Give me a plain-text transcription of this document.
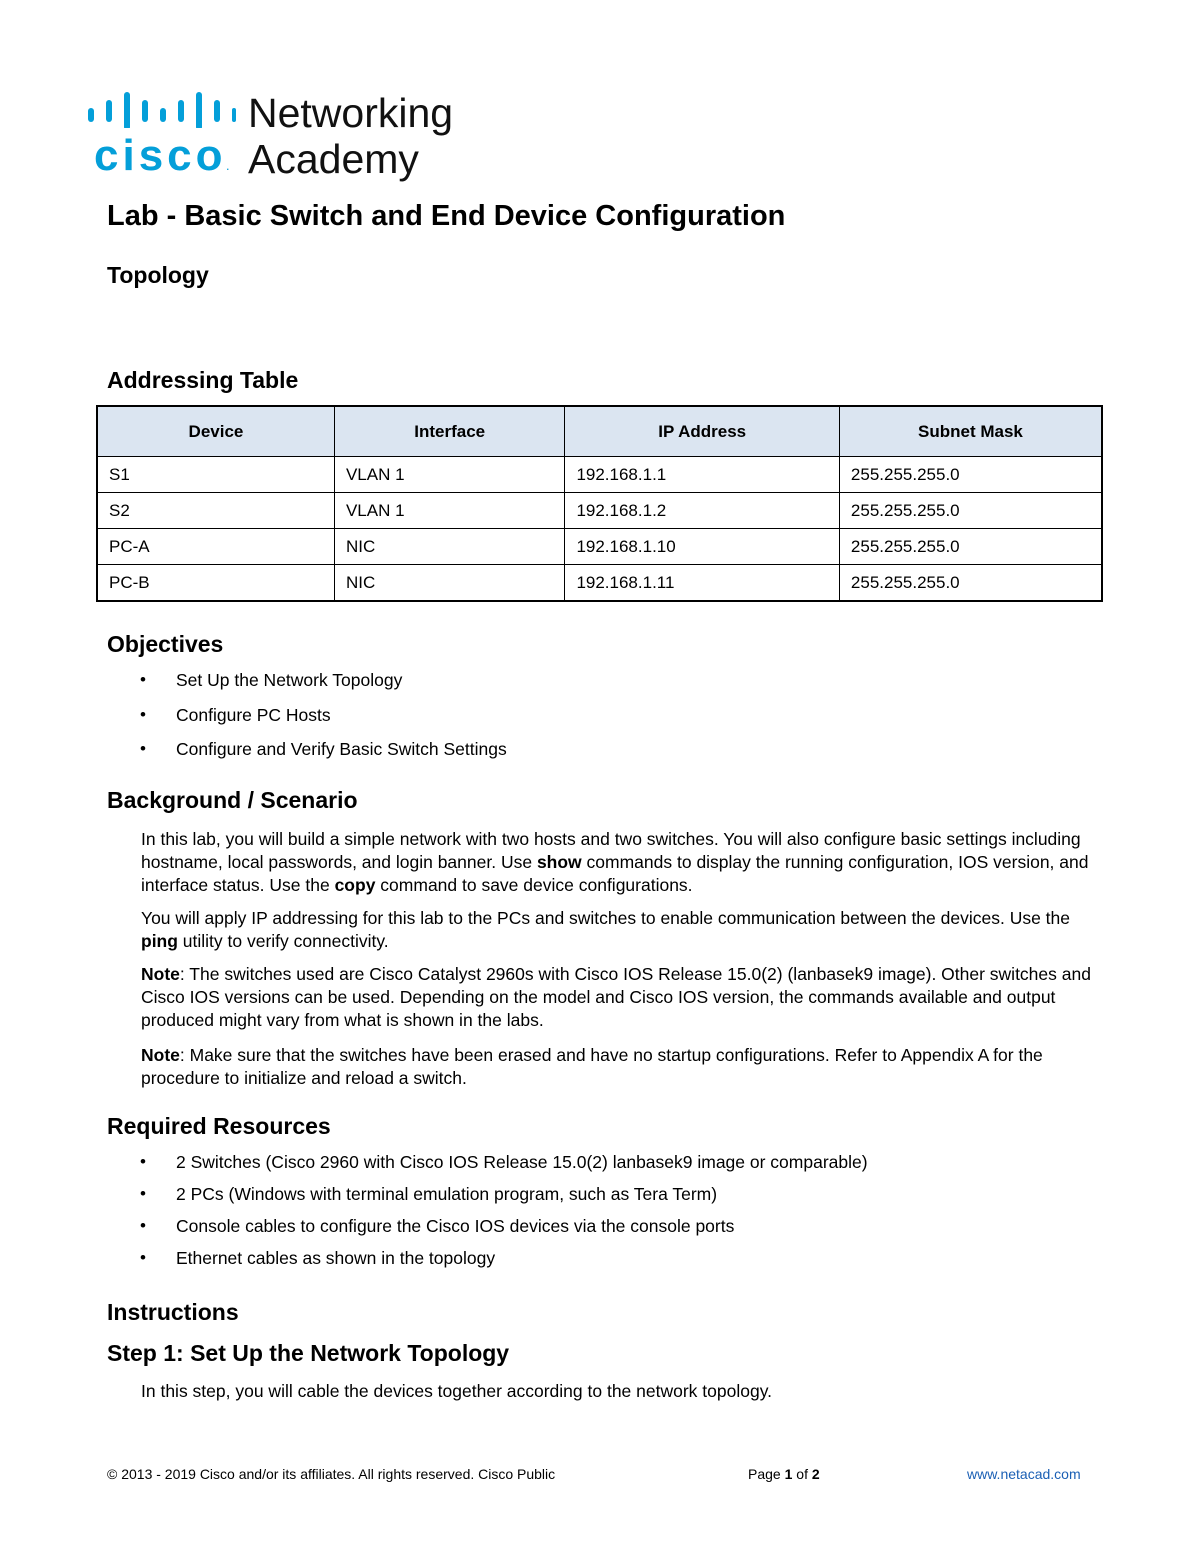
cisco.
Networking
Academy
Lab - Basic Switch and End Device Configuration
Topology
Addressing Table
Device	Interface	IP Address	Subnet Mask
S1	VLAN 1	192.168.1.1	255.255.255.0
S2	VLAN 1	192.168.1.2	255.255.255.0
PC-A	NIC	192.168.1.10	255.255.255.0
PC-B	NIC	192.168.1.11	255.255.255.0
Objectives
• Set Up the Network Topology
• Configure PC Hosts
• Configure and Verify Basic Switch Settings
Background / Scenario

In this lab, you will build a simple network with two hosts and two switches. You will also configure basic settings including hostname, local passwords, and login banner. Use show commands to display the running configuration, IOS version, and interface status. Use the copy command to save device configurations.

You will apply IP addressing for this lab to the PCs and switches to enable communication between the devices. Use the ping utility to verify connectivity.

Note: The switches used are Cisco Catalyst 2960s with Cisco IOS Release 15.0(2) (lanbasek9 image). Other switches and Cisco IOS versions can be used. Depending on the model and Cisco IOS version, the commands available and output produced might vary from what is shown in the labs.

Note: Make sure that the switches have been erased and have no startup configurations. Refer to Appendix A for the procedure to initialize and reload a switch.

Required Resources
• 2 Switches (Cisco 2960 with Cisco IOS Release 15.0(2) lanbasek9 image or comparable)
• 2 PCs (Windows with terminal emulation program, such as Tera Term)
• Console cables to configure the Cisco IOS devices via the console ports
• Ethernet cables as shown in the topology
Instructions
Step 1: Set Up the Network Topology

In this step, you will cable the devices together according to the network topology.

© 2013 - 2019 Cisco and/or its affiliates. All rights reserved. Cisco Public	Page 1 of 2	www.netacad.com
